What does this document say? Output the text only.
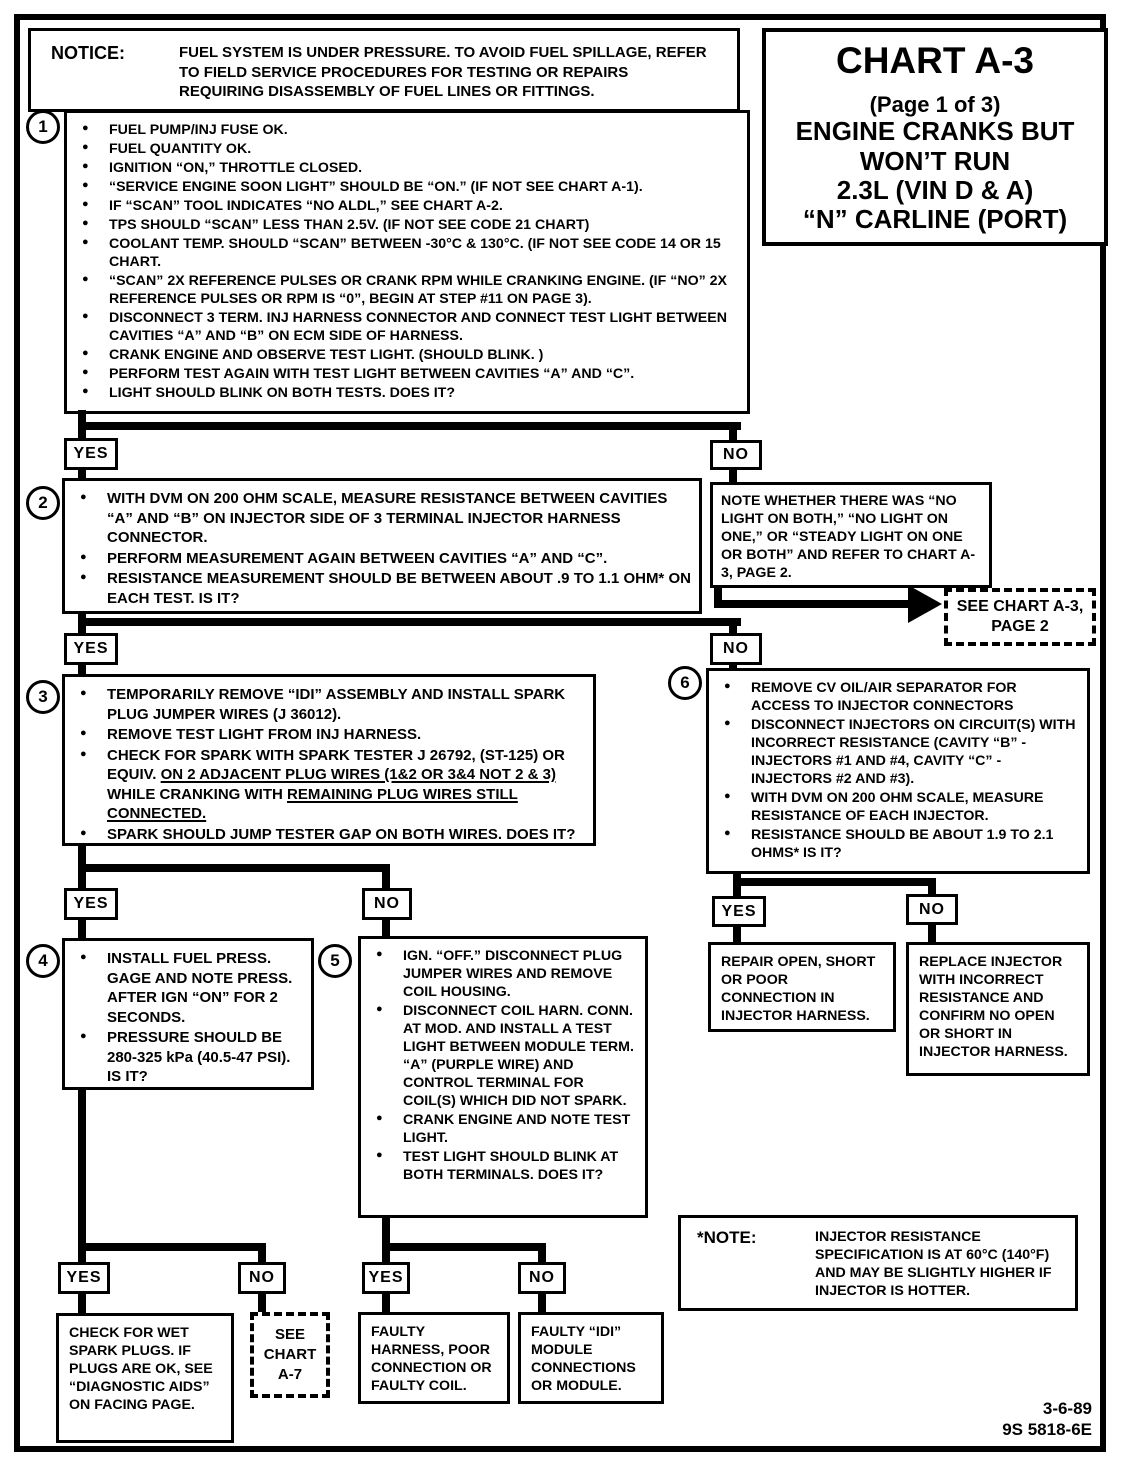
NOTICE:	FUEL SYSTEM IS UNDER PRESSURE. TO AVOID FUEL SPILLAGE, REFER TO FIELD SERVICE PROCEDURES FOR TESTING OR REPAIRS REQUIRING DISASSEMBLY OF FUEL LINES OR FITTINGS.
CHART A-3
(Page 1 of 3)
ENGINE CRANKS BUT
WON’T RUN
2.3L (VIN D & A)
“N” CARLINE (PORT)
1	● FUEL PUMP/INJ FUSE OK.
● FUEL QUANTITY OK.
● IGNITION “ON,” THROTTLE CLOSED.
● “SERVICE ENGINE SOON LIGHT” SHOULD BE “ON.” (IF NOT SEE CHART A-1).
● IF “SCAN” TOOL INDICATES “NO ALDL,” SEE CHART A-2.
● TPS SHOULD “SCAN” LESS THAN 2.5V. (IF NOT SEE CODE 21 CHART)
● COOLANT TEMP. SHOULD “SCAN” BETWEEN -30°C & 130°C. (IF NOT SEE CODE 14 OR 15 CHART.
● “SCAN” 2X REFERENCE PULSES OR CRANK RPM WHILE CRANKING ENGINE. (IF “NO” 2X REFERENCE PULSES OR RPM IS “0”, BEGIN AT STEP #11 ON PAGE 3).
● DISCONNECT 3 TERM. INJ HARNESS CONNECTOR AND CONNECT TEST LIGHT BETWEEN CAVITIES “A” AND “B” ON ECM SIDE OF HARNESS.
● CRANK ENGINE AND OBSERVE TEST LIGHT. (SHOULD BLINK. )
● PERFORM TEST AGAIN WITH TEST LIGHT BETWEEN CAVITIES “A” AND “C”.
● LIGHT SHOULD BLINK ON BOTH TESTS. DOES IT?
YES	NO
2	● WITH DVM ON 200 OHM SCALE, MEASURE RESISTANCE BETWEEN CAVITIES “A” AND “B” ON INJECTOR SIDE OF 3 TERMINAL INJECTOR HARNESS CONNECTOR.
● PERFORM MEASUREMENT AGAIN BETWEEN CAVITIES “A” AND “C”.
● RESISTANCE MEASUREMENT SHOULD BE BETWEEN ABOUT .9 TO 1.1 OHM* ON EACH TEST. IS IT?
NOTE WHETHER THERE WAS “NO LIGHT ON BOTH,” “NO LIGHT ON ONE,” OR “STEADY LIGHT ON ONE OR BOTH” AND REFER TO CHART A-3, PAGE 2.
SEE CHART A-3,
PAGE 2
YES	NO
3	● TEMPORARILY REMOVE “IDI” ASSEMBLY AND INSTALL SPARK PLUG JUMPER WIRES (J 36012).
● REMOVE TEST LIGHT FROM INJ HARNESS.
● CHECK FOR SPARK WITH SPARK TESTER J 26792, (ST-125) OR EQUIV. ON 2 ADJACENT PLUG WIRES (1&2 OR 3&4 NOT 2 & 3) WHILE CRANKING WITH REMAINING PLUG WIRES STILL CONNECTED.
● SPARK SHOULD JUMP TESTER GAP ON BOTH WIRES. DOES IT?
6	● REMOVE CV OIL/AIR SEPARATOR FOR ACCESS TO INJECTOR CONNECTORS
● DISCONNECT INJECTORS ON CIRCUIT(S) WITH INCORRECT RESISTANCE (CAVITY “B” - INJECTORS #1 AND #4, CAVITY “C” - INJECTORS #2 AND #3).
● WITH DVM ON 200 OHM SCALE, MEASURE RESISTANCE OF EACH INJECTOR.
● RESISTANCE SHOULD BE ABOUT 1.9 TO 2.1 OHMS* IS IT?
YES	NO	YES	NO
4	● INSTALL FUEL PRESS. GAGE AND NOTE PRESS. AFTER IGN “ON” FOR 2 SECONDS.
● PRESSURE SHOULD BE 280-325 kPa (40.5-47 PSI). IS IT?
5	● IGN. “OFF.” DISCONNECT PLUG JUMPER WIRES AND REMOVE COIL HOUSING.
● DISCONNECT COIL HARN. CONN. AT MOD. AND INSTALL A TEST LIGHT BETWEEN MODULE TERM. “A” (PURPLE WIRE) AND CONTROL TERMINAL FOR COIL(S) WHICH DID NOT SPARK.
● CRANK ENGINE AND NOTE TEST LIGHT.
● TEST LIGHT SHOULD BLINK AT BOTH TERMINALS. DOES IT?
REPAIR OPEN, SHORT OR POOR CONNECTION IN INJECTOR HARNESS.
REPLACE INJECTOR WITH INCORRECT RESISTANCE AND CONFIRM NO OPEN OR SHORT IN INJECTOR HARNESS.
YES	NO	YES	NO
CHECK FOR WET SPARK PLUGS. IF PLUGS ARE OK, SEE “DIAGNOSTIC AIDS” ON FACING PAGE.
SEE
CHART
A-7
FAULTY HARNESS, POOR CONNECTION OR FAULTY COIL.
FAULTY “IDI” MODULE CONNECTIONS OR MODULE.
*NOTE:	INJECTOR RESISTANCE SPECIFICATION IS AT 60°C (140°F) AND MAY BE SLIGHTLY HIGHER IF INJECTOR IS HOTTER.
3-6-89
9S 5818-6E
